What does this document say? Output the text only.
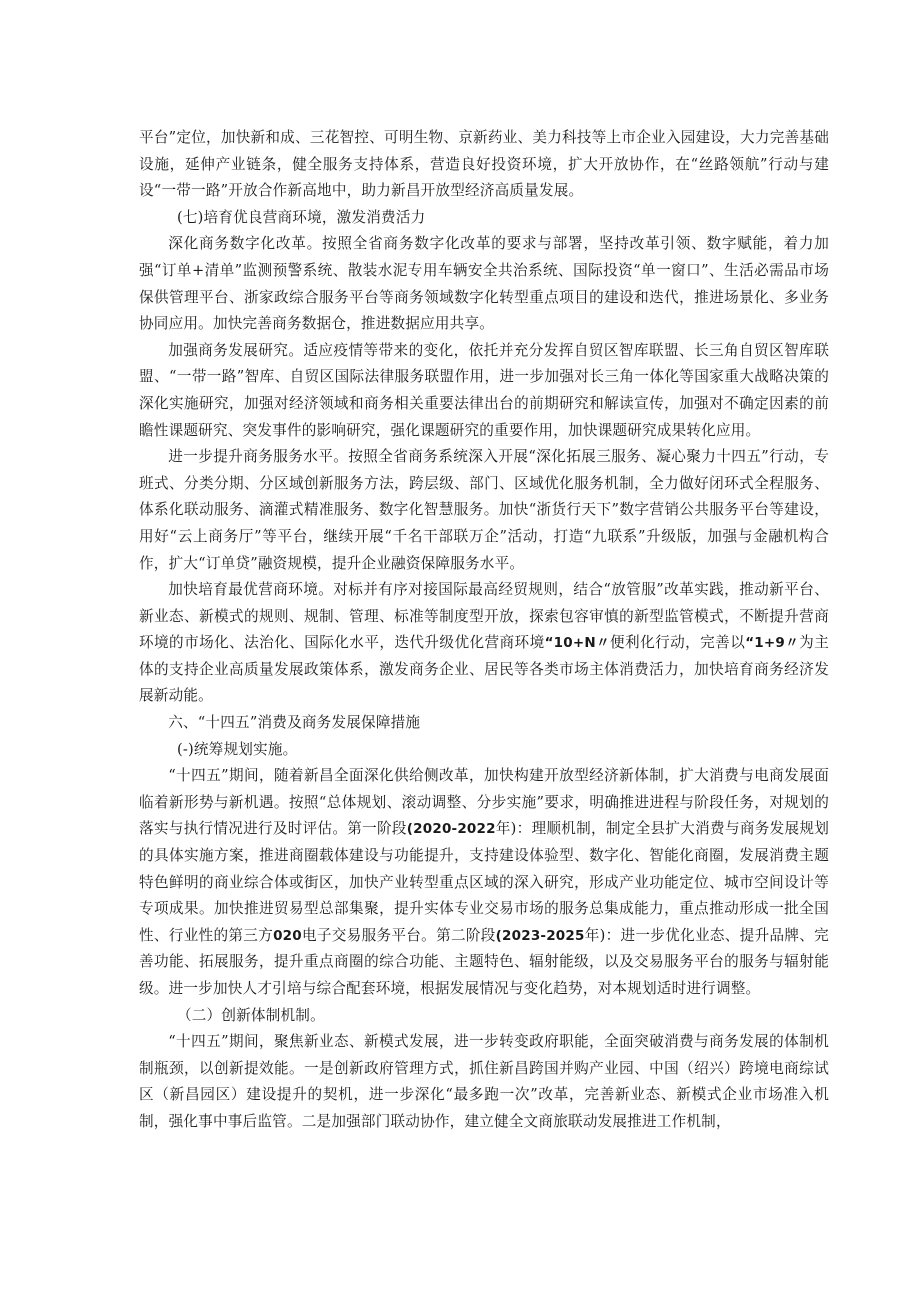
平台”定位，加快新和成、三花智控、可明生物、京新药业、美力科技等上市企业入园建设，大力完善基础设施，延伸产业链条，健全服务支持体系，营造良好投资环境，扩大开放协作，在“丝路领航”行动与建设“一带一路”开放合作新高地中，助力新昌开放型经济高质量发展。

(七)培育优良营商环境，激发消费活力

深化商务数字化改革。按照全省商务数字化改革的要求与部署，坚持改革引领、数字赋能，着力加强“订单+清单”监测预警系统、散装水泥专用车辆安全共治系统、国际投资“单一窗口”、生活必需品市场保供管理平台、浙家政综合服务平台等商务领域数字化转型重点项目的建设和迭代，推进场景化、多业务协同应用。加快完善商务数据仓，推进数据应用共享。

加强商务发展研究。适应疫情等带来的变化，依托并充分发挥自贸区智库联盟、长三角自贸区智库联盟、“一带一路”智库、自贸区国际法律服务联盟作用，进一步加强对长三角一体化等国家重大战略决策的深化实施研究，加强对经济领域和商务相关重要法律出台的前期研究和解读宣传，加强对不确定因素的前瞻性课题研究、突发事件的影响研究，强化课题研究的重要作用，加快课题研究成果转化应用。

进一步提升商务服务水平。按照全省商务系统深入开展“深化拓展三服务、凝心聚力十四五”行动，专班式、分类分期、分区域创新服务方法，跨层级、部门、区域优化服务机制，全力做好闭环式全程服务、体系化联动服务、滴灌式精准服务、数字化智慧服务。加快“浙货行天下”数字营销公共服务平台等建设，用好“云上商务厅”等平台，继续开展“千名干部联万企”活动，打造“九联系”升级版，加强与金融机构合作，扩大“订单贷”融资规模，提升企业融资保障服务水平。

加快培育最优营商环境。对标并有序对接国际最高经贸规则，结合“放管服”改革实践，推动新平台、新业态、新模式的规则、规制、管理、标准等制度型开放，探索包容审慎的新型监管模式，不断提升营商环境的市场化、法治化、国际化水平，迭代升级优化营商环境“10+N〃便利化行动，完善以“1+9〃为主体的支持企业高质量发展政策体系，激发商务企业、居民等各类市场主体消费活力，加快培育商务经济发展新动能。

六、“十四五”消费及商务发展保障措施

(-)统筹规划实施。

“十四五”期间，随着新昌全面深化供给侧改革，加快构建开放型经济新体制，扩大消费与电商发展面临着新形势与新机遇。按照“总体规划、滚动调整、分步实施”要求，明确推进进程与阶段任务，对规划的落实与执行情况进行及时评估。第一阶段(2020-2022年)：理顺机制，制定全县扩大消费与商务发展规划的具体实施方案，推进商圈载体建设与功能提升，支持建设体验型、数字化、智能化商圈，发展消费主题特色鲜明的商业综合体或街区，加快产业转型重点区域的深入研究，形成产业功能定位、城市空间设计等专项成果。加快推进贸易型总部集聚，提升实体专业交易市场的服务总集成能力，重点推动形成一批全国性、行业性的第三方020电子交易服务平台。第二阶段(2023-2025年)：进一步优化业态、提升品牌、完善功能、拓展服务，提升重点商圈的综合功能、主题特色、辐射能级，以及交易服务平台的服务与辐射能级。进一步加快人才引培与综合配套环境，根据发展情况与变化趋势，对本规划适时进行调整。

（二）创新体制机制。

“十四五”期间，聚焦新业态、新模式发展，进一步转变政府职能，全面突破消费与商务发展的体制机制瓶颈，以创新提效能。一是创新政府管理方式，抓住新昌跨国并购产业园、中国（绍兴）跨境电商综试区（新昌园区）建设提升的契机，进一步深化“最多跑一次”改革，完善新业态、新模式企业市场准入机制，强化事中事后监管。二是加强部门联动协作，建立健全文商旅联动发展推进工作机制，
